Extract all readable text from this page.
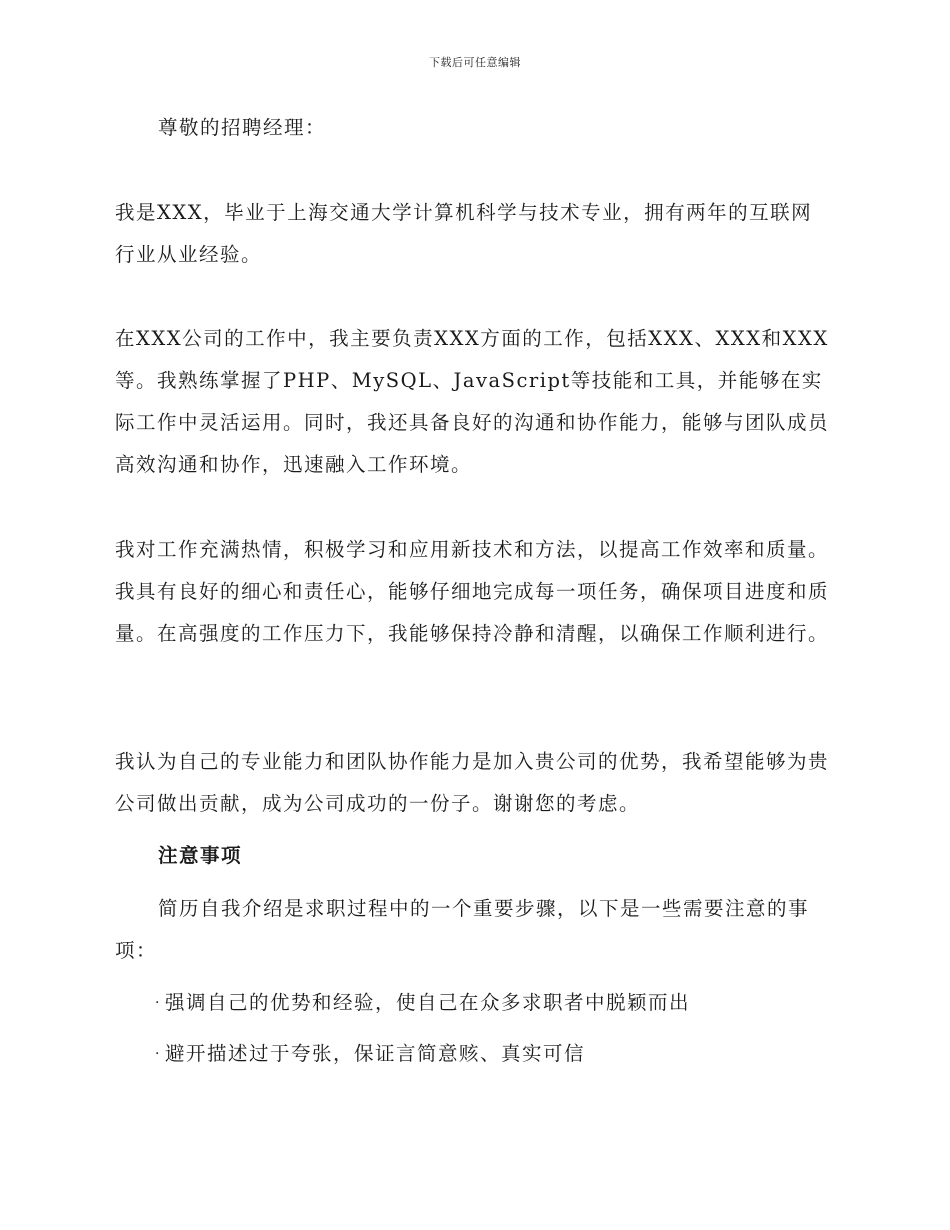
下载后可任意编辑

尊敬的招聘经理：

我是XXX，毕业于上海交通大学计算机科学与技术专业，拥有两年的互联网行业从业经验。

在XXX公司的工作中，我主要负责XXX方面的工作，包括XXX、XXX和XXX等。我熟练掌握了PHP、MySQL、JavaScript等技能和工具，并能够在实际工作中灵活运用。同时，我还具备良好的沟通和协作能力，能够与团队成员高效沟通和协作，迅速融入工作环境。

我对工作充满热情，积极学习和应用新技术和方法，以提高工作效率和质量。我具有良好的细心和责任心，能够仔细地完成每一项任务，确保项目进度和质量。在高强度的工作压力下，我能够保持冷静和清醒，以确保工作顺利进行。

我认为自己的专业能力和团队协作能力是加入贵公司的优势，我希望能够为贵公司做出贡献，成为公司成功的一份子。谢谢您的考虑。

注意事项

简历自我介绍是求职过程中的一个重要步骤，以下是一些需要注意的事项：

· 强调自己的优势和经验，使自己在众多求职者中脱颖而出
· 避开描述过于夸张，保证言简意赅、真实可信
